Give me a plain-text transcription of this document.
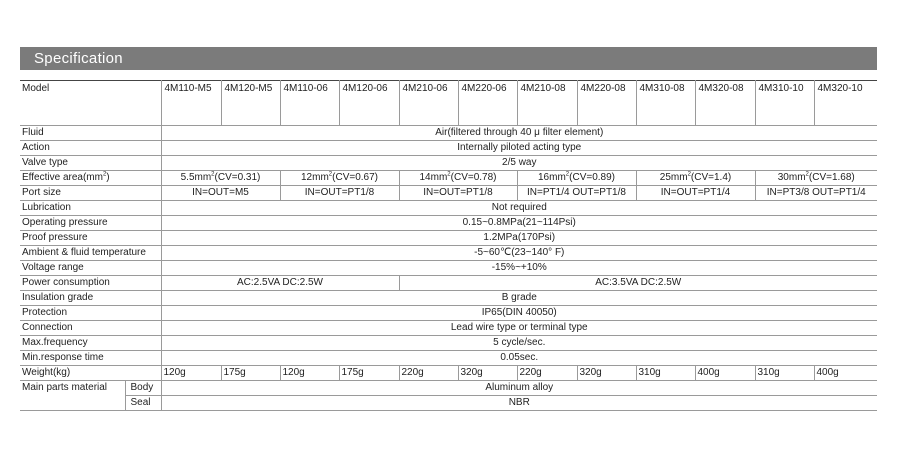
Specification
Model		4M110-M5	4M120-M5	4M110-06	4M120-06	4M210-06	4M220-06	4M210-08	4M220-08	4M310-08	4M320-08	4M310-10	4M320-10
Fluid		Air(filtered through 40 μ filter element)											
Action		Internally piloted acting type											
Valve type		2/5 way											
Effective $area(mm^2)$		$5.5mm^2(CV=0.31)$		$12mm^2(CV=0.67)$		$14mm^2(CV=0.78)$		$16mm^2(CV=0.89)$		$25mm^2(CV=1.4)$		$30mm^2(CV=1.68)$	
Port size		IN=OUT=M5		IN=OUT=PT1/8		IN=OUT=PT1/8		IN=PT1/4 OUT=PT1/8		IN=OUT=PT1/4		IN=PT3/8 OUT=PT1/4	
Lubrication		Not required											
Operating pressure		0.15~0.8MPa(21~114Psi)											
Proof pressure		1.2MPa(170Psi)											
Ambient & fluid temperature		-5~60℃(23~140° F)											
Voltage range		-15%~+10%											
Power consumption		AC:2.5VA DC:2.5W				AC:3.5VA DC:2.5W							
Insulation grade		B grade											
Protection		IP65(DIN 40050)											
Connection		Lead wire type or terminal type											
Max.frequency		5 cycle/sec.											
Min.response time		0.05sec.											
Weight(kg)		120g	175g	120g	175g	220g	320g	220g	320g	310g	400g	310g	400g
Main parts material	Body	Aluminum alloy											
	Seal	NBR											
